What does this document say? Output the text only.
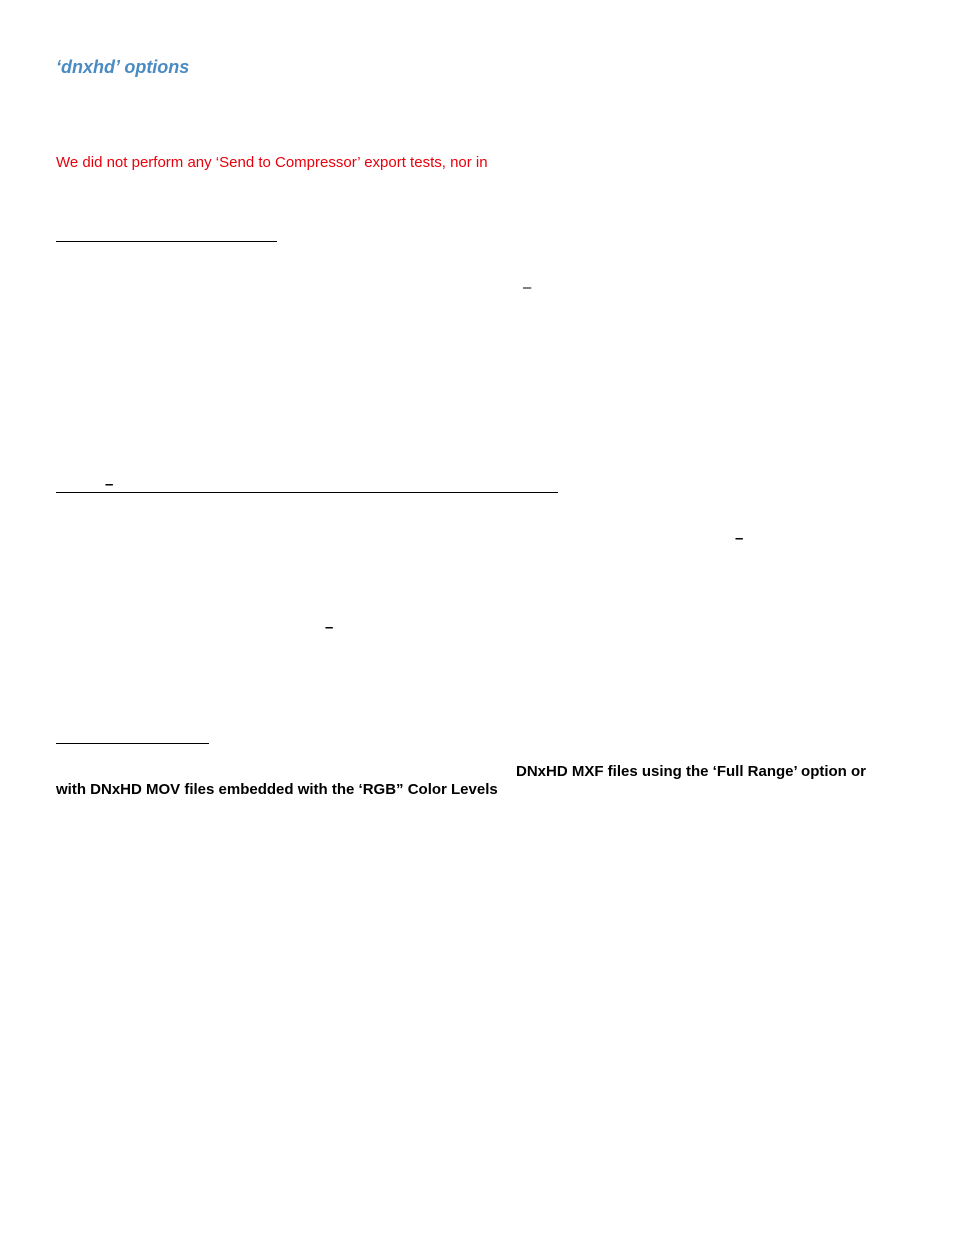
‘dnxhd’ options
We did not perform any ‘Send to Compressor’ export tests, nor in
–
–
–
–
DNxHD MXF files using the ‘Full Range’ option or
with DNxHD MOV files embedded with the ‘RGB” Color Levels
